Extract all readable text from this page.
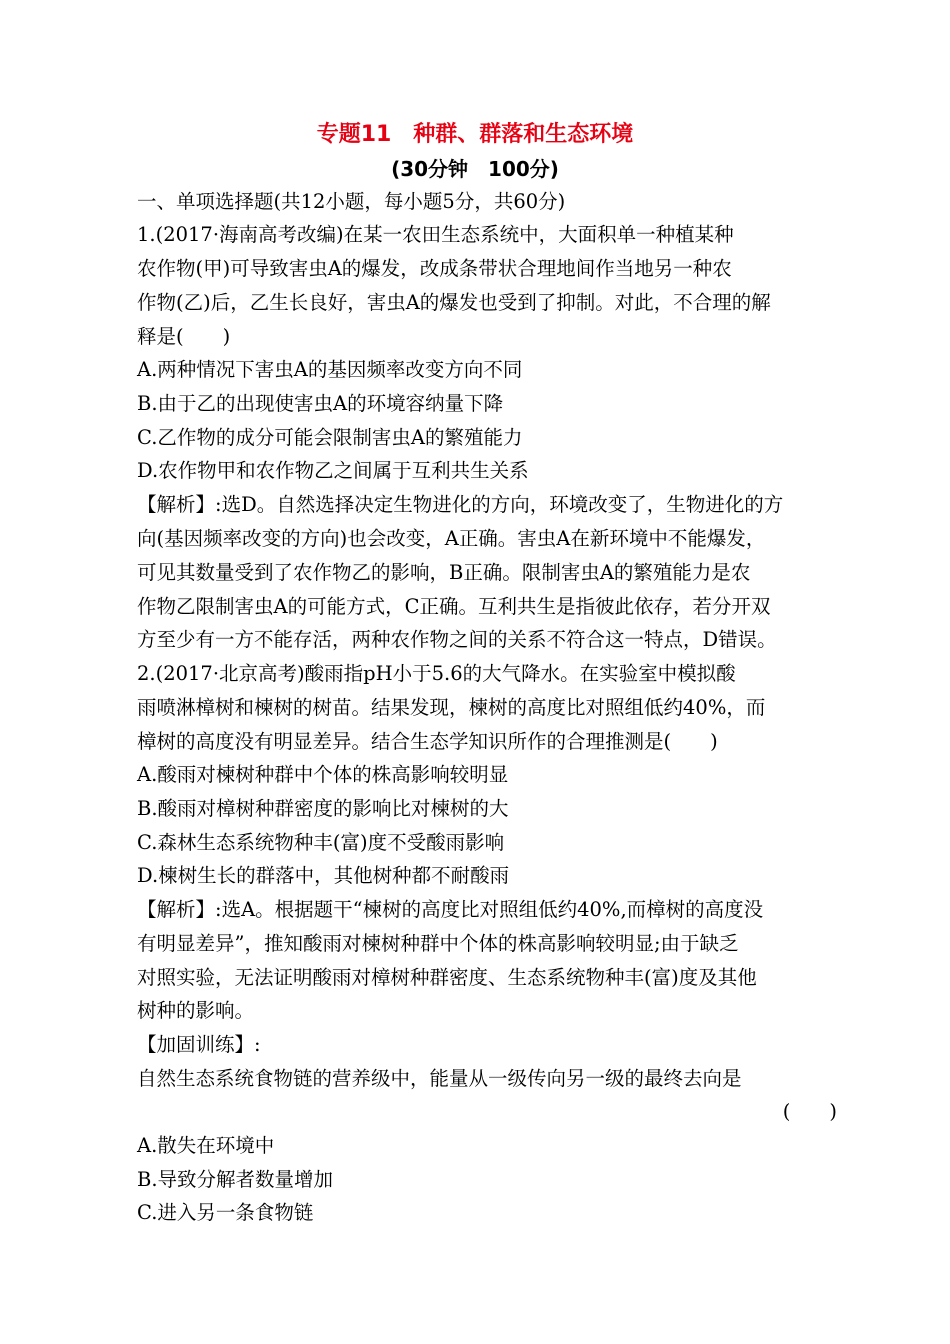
专题11　种群、群落和生态环境
(30分钟　100分)
一、单项选择题(共12小题，每小题5分，共60分)
1.(2017·海南高考改编)在某一农田生态系统中，大面积单一种植某种
农作物(甲)可导致害虫A的爆发，改成条带状合理地间作当地另一种农
作物(乙)后，乙生长良好，害虫A的爆发也受到了抑制。对此，不合理的解
释是(　　)
A.两种情况下害虫A的基因频率改变方向不同
B.由于乙的出现使害虫A的环境容纳量下降
C.乙作物的成分可能会限制害虫A的繁殖能力
D.农作物甲和农作物乙之间属于互利共生关系
【解析】:选D。自然选择决定生物进化的方向，环境改变了，生物进化的方
向(基因频率改变的方向)也会改变，A正确。害虫A在新环境中不能爆发，
可见其数量受到了农作物乙的影响，B正确。限制害虫A的繁殖能力是农
作物乙限制害虫A的可能方式，C正确。互利共生是指彼此依存，若分开双
方至少有一方不能存活，两种农作物之间的关系不符合这一特点，D错误。
2.(2017·北京高考)酸雨指pH小于5.6的大气降水。在实验室中模拟酸
雨喷淋樟树和楝树的树苗。结果发现，楝树的高度比对照组低约40%，而
樟树的高度没有明显差异。结合生态学知识所作的合理推测是(　　)
A.酸雨对楝树种群中个体的株高影响较明显
B.酸雨对樟树种群密度的影响比对楝树的大
C.森林生态系统物种丰(富)度不受酸雨影响
D.楝树生长的群落中，其他树种都不耐酸雨
【解析】:选A。根据题干“楝树的高度比对照组低约40%,而樟树的高度没
有明显差异”，推知酸雨对楝树种群中个体的株高影响较明显;由于缺乏
对照实验，无法证明酸雨对樟树种群密度、生态系统物种丰(富)度及其他
树种的影响。
【加固训练】:
自然生态系统食物链的营养级中，能量从一级传向另一级的最终去向是
(　　)
A.散失在环境中
B.导致分解者数量增加
C.进入另一条食物链
